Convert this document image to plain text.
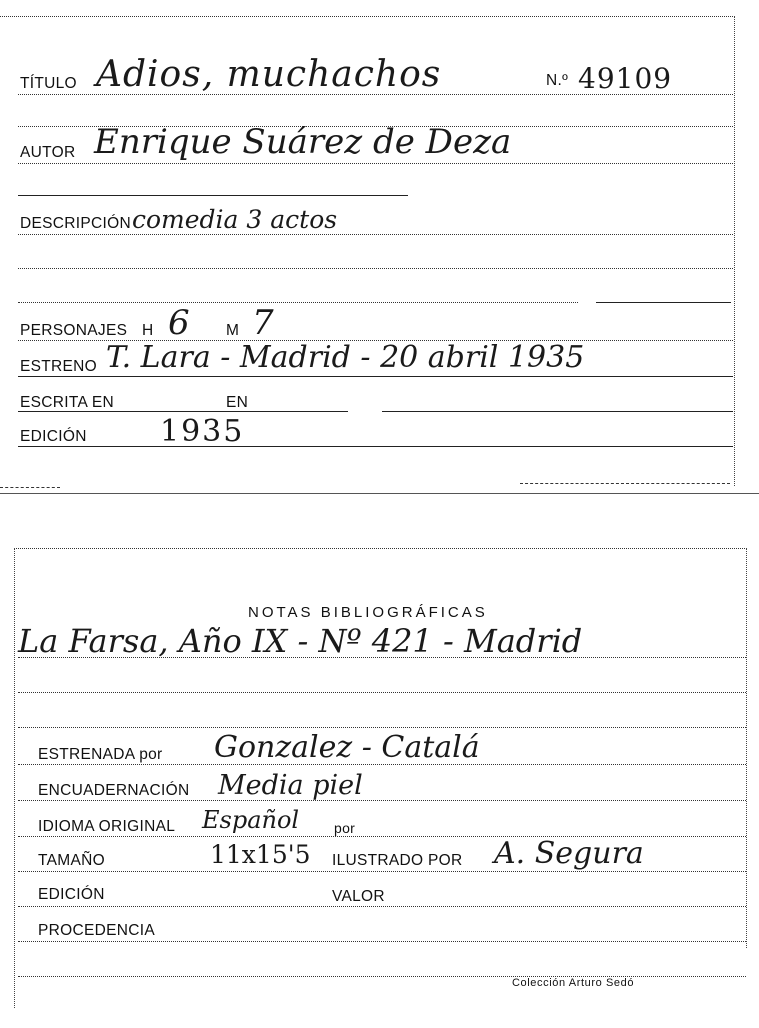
TÍTULO Adios, muchachos	N.º 49109
AUTOR Enrique Suárez de Deza
DESCRIPCIÓN comedia 3 actos
PERSONAJES H 6 M 7
ESTRENO T. Lara - Madrid - 20 abril 1935
ESCRITA EN	EN
EDICIÓN 1935
NOTAS BIBLIOGRÁFICAS
La Farsa, Año IX - Nº 421 - Madrid
ESTRENADA por Gonzalez - Catalá
ENCUADERNACIÓN Media piel
IDIOMA ORIGINAL Español por
TAMAÑO	11x15'5 ILUSTRADO POR A. Segura
EDICIÓN	VALOR
PROCEDENCIA
Colección Arturo Sedó
